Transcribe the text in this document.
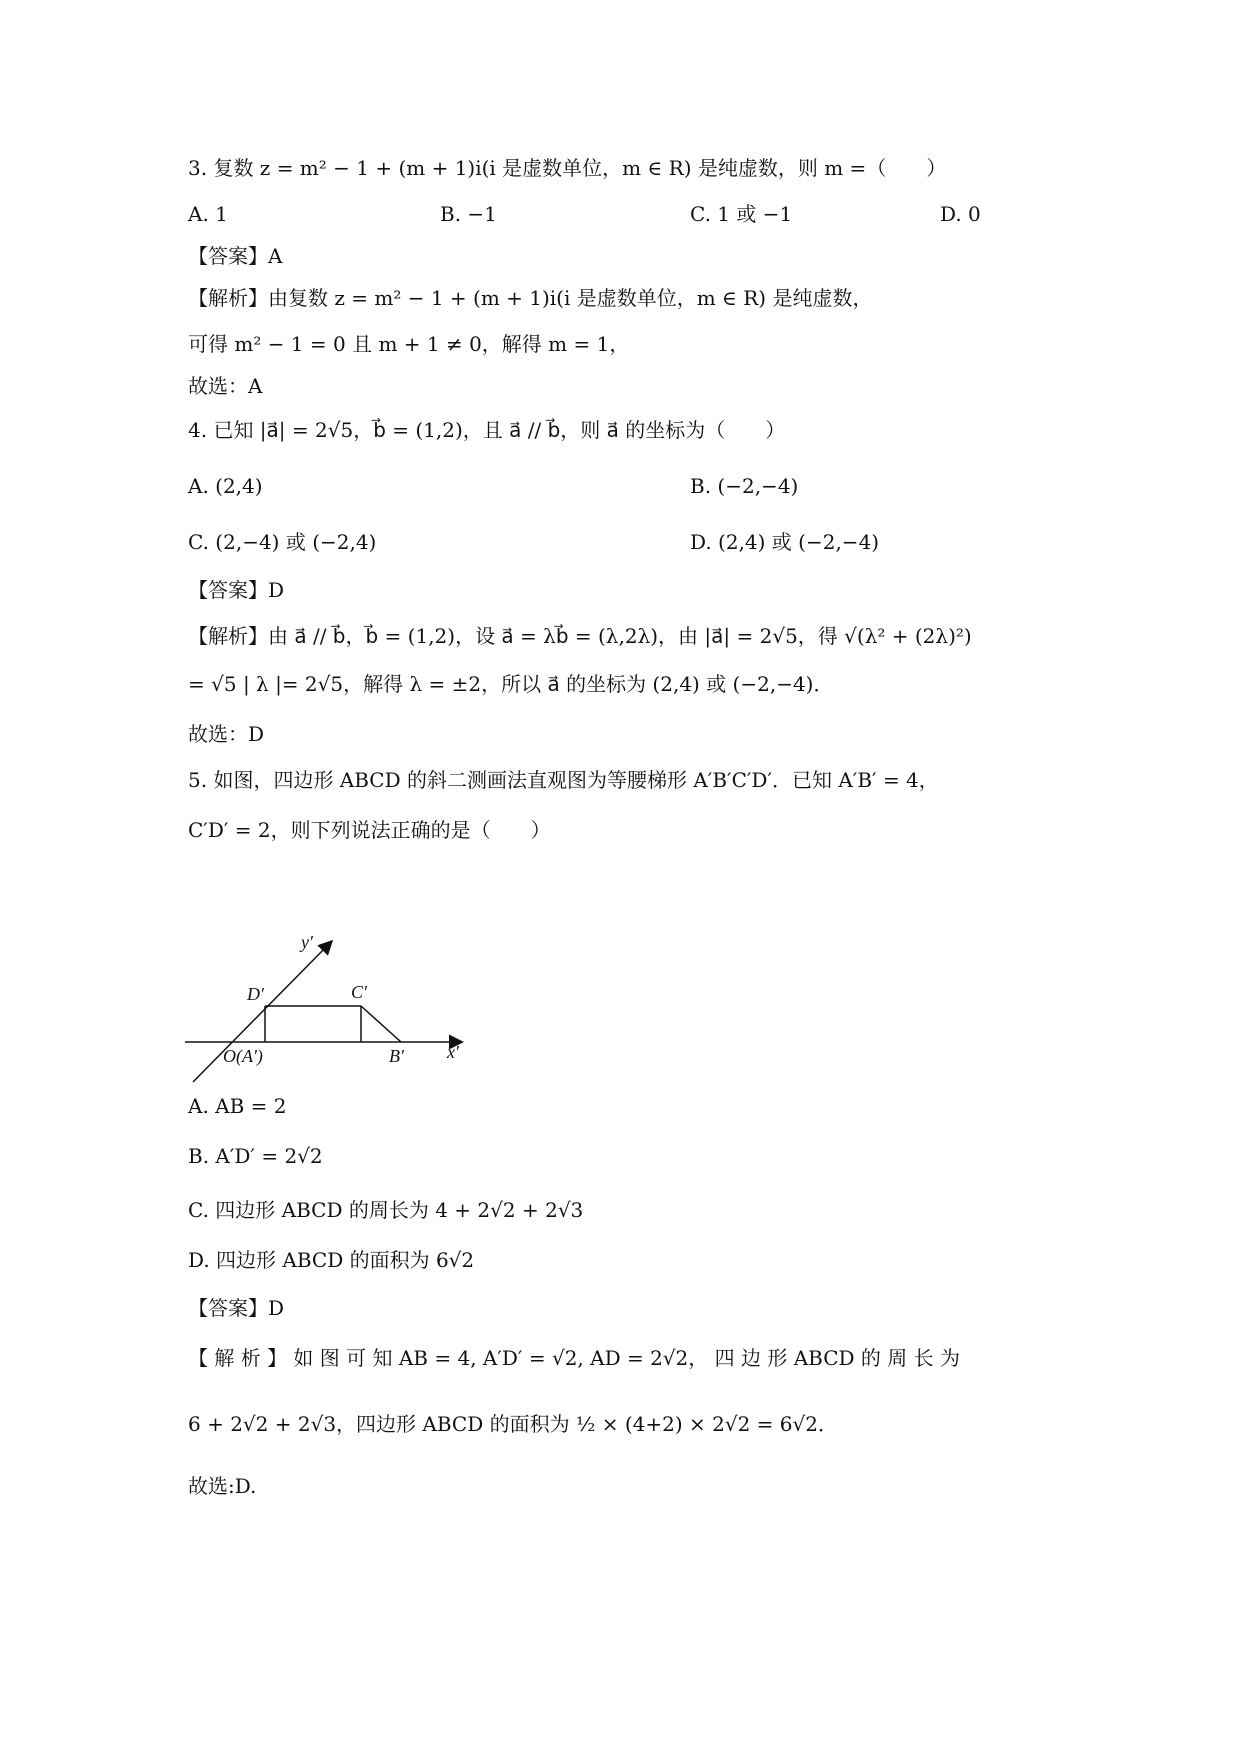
3. 复数 z = m² − 1 + (m + 1)i(i 是虚数单位，m ∈ R) 是纯虚数，则 m =（　　）
A. 1	B. −1	C. 1 或 −1	D. 0
【答案】A
【解析】由复数 z = m² − 1 + (m + 1)i(i 是虚数单位，m ∈ R) 是纯虚数，
可得 m² − 1 = 0 且 m + 1 ≠ 0，解得 m = 1，
故选：A
4. 已知 |a⃗| = 2√5，b⃗ = (1,2)，且 a⃗ // b⃗，则 a⃗ 的坐标为（　　）
A. (2,4)	B. (−2,−4)
C. (2,−4) 或 (−2,4)	D. (2,4) 或 (−2,−4)
【答案】D
【解析】由 a⃗ // b⃗，b⃗ = (1,2)，设 a⃗ = λb⃗ = (λ,2λ)，由 |a⃗| = 2√5，得 √(λ² + (2λ)²)
= √5 | λ |= 2√5，解得 λ = ±2，所以 a⃗ 的坐标为 (2,4) 或 (−2,−4)．
故选：D
5. 如图，四边形 ABCD 的斜二测画法直观图为等腰梯形 A′B′C′D′．已知 A′B′ = 4，
C′D′ = 2，则下列说法正确的是（　　）
y′
x′
D′	C′
O(A′)	B′
A. AB = 2
B. A′D′ = 2√2
C. 四边形 ABCD 的周长为 4 + 2√2 + 2√3
D. 四边形 ABCD 的面积为 6√2
【答案】D
【 解 析 】 如 图 可 知 AB = 4, A′D′ = √2, AD = 2√2， 四 边 形 ABCD 的 周 长 为
6 + 2√2 + 2√3，四边形 ABCD 的面积为 ½ × (4+2) × 2√2 = 6√2．
故选:D.
